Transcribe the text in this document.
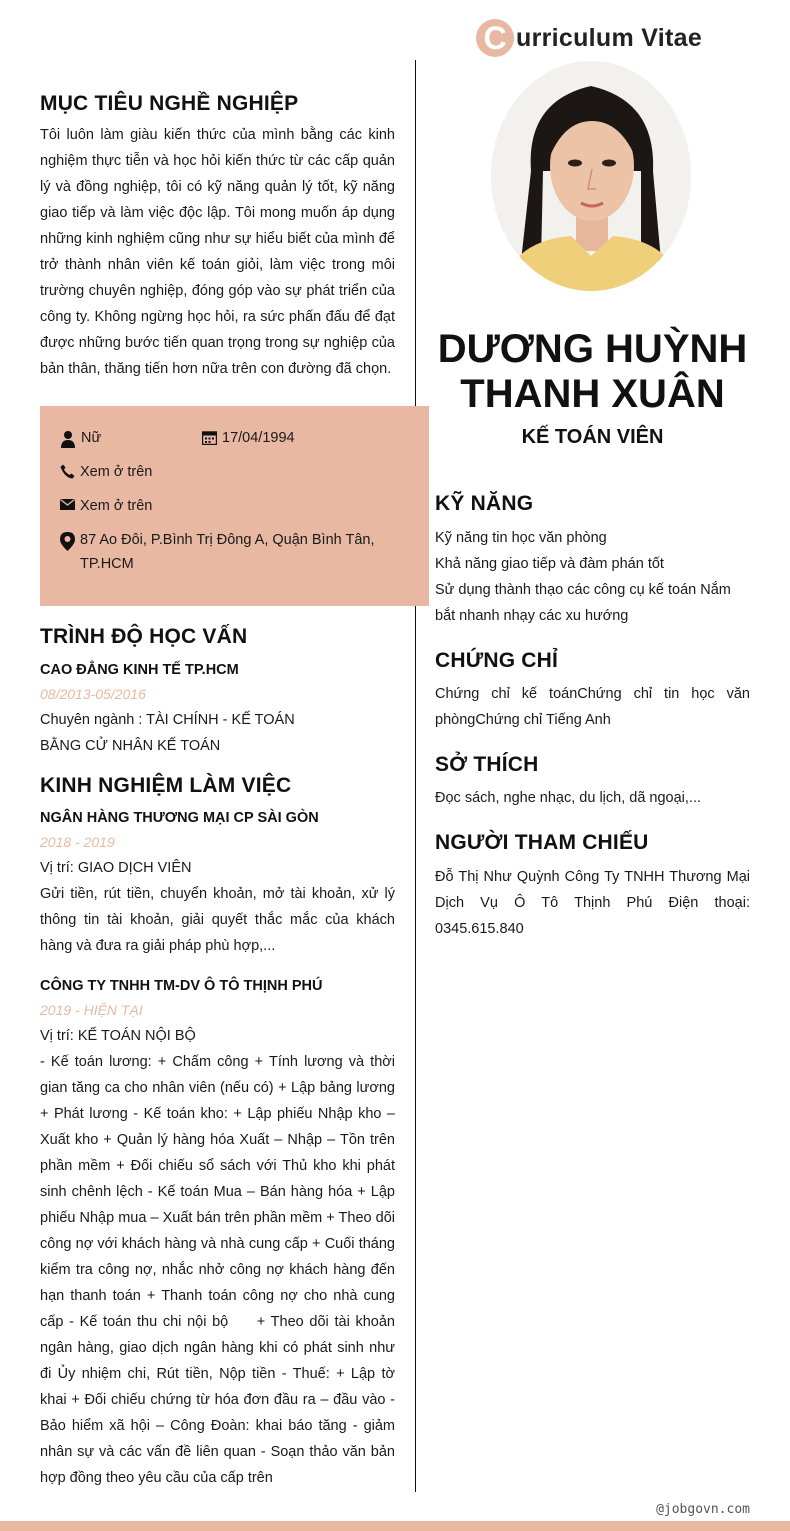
C urriculum Vitae
DƯƠNG HUỲNH
THANH XUÂN
KẾ TOÁN VIÊN
MỤC TIÊU NGHỀ NGHIỆP
Tôi luôn làm giàu kiến thức của mình bằng các kinh nghiệm thực tiễn và học hỏi kiến thức từ các cấp quản lý và đồng nghiệp, tôi có kỹ năng quản lý tốt, kỹ năng giao tiếp và làm việc độc lập. Tôi mong muốn áp dụng những kinh nghiệm cũng như sự hiểu biết của mình để trở thành nhân viên kế toán giỏi, làm việc trong môi trường chuyên nghiệp, đóng góp vào sự phát triển của công ty. Không ngừng học hỏi, ra sức phấn đấu để đạt được những bước tiến quan trọng trong sự nghiệp của bản thân, thăng tiến hơn nữa trên con đường đã chọn.
Nữ	17/04/1994
Xem ở trên
Xem ở trên
87 Ao Đôi, P.Bình Trị Đông A, Quận Bình Tân, TP.HCM
TRÌNH ĐỘ HỌC VẤN
CAO ĐẲNG KINH TẾ TP.HCM
08/2013-05/2016
Chuyên ngành : TÀI CHÍNH - KẾ TOÁN
BẰNG CỬ NHÂN KẾ TOÁN
KINH NGHIỆM LÀM VIỆC
NGÂN HÀNG THƯƠNG MẠI CP SÀI GÒN
2018 - 2019
Vị trí: GIAO DỊCH VIÊN
Gửi tiền, rút tiền, chuyển khoản, mở tài khoản, xử lý thông tin tài khoản, giải quyết thắc mắc của khách hàng và đưa ra giải pháp phù hợp,...
CÔNG TY TNHH TM-DV Ô TÔ THỊNH PHÚ
2019 - HIỆN TẠI
Vị trí: KẾ TOÁN NỘI BỘ
- Kế toán lương: + Chấm công + Tính lương và thời gian tăng ca cho nhân viên (nếu có) + Lập bảng lương + Phát lương - Kế toán kho: + Lập phiếu Nhập kho – Xuất kho + Quản lý hàng hóa Xuất – Nhập – Tồn trên phần mềm + Đối chiếu sổ sách với Thủ kho khi phát sinh chênh lệch - Kế toán Mua – Bán hàng hóa + Lập phiếu Nhập mua – Xuất bán trên phần mềm + Theo dõi công nợ với khách hàng và nhà cung cấp + Cuối tháng kiểm tra công nợ, nhắc nhở công nợ khách hàng đến hạn thanh toán + Thanh toán công nợ cho nhà cung cấp - Kế toán thu chi nội bộ     + Theo dõi tài khoản ngân hàng, giao dịch ngân hàng khi có phát sinh như đi Ủy nhiệm chi, Rút tiền, Nộp tiền - Thuế: + Lập tờ khai + Đối chiếu chứng từ hóa đơn đầu ra – đầu vào - Bảo hiểm xã hội – Công Đoàn: khai báo tăng - giảm nhân sự và các vấn đề liên quan - Soạn thảo văn bản hợp đồng theo yêu cầu của cấp trên
KỸ NĂNG
Kỹ năng tin học văn phòng
Khả năng giao tiếp và đàm phán tốt
Sử dụng thành thạo các công cụ kế toán Nắm bắt nhanh nhạy các xu hướng
CHỨNG CHỈ
Chứng chỉ kế toánChứng chỉ tin học văn phòngChứng chỉ Tiếng Anh
SỞ THÍCH
Đọc sách, nghe nhạc, du lịch, dã ngoại,...
NGƯỜI THAM CHIẾU
Đỗ Thị Như Quỳnh Công Ty TNHH Thương Mại Dịch Vụ Ô Tô Thịnh Phú Điện thoại: 0345.615.840
@jobgovn.com
